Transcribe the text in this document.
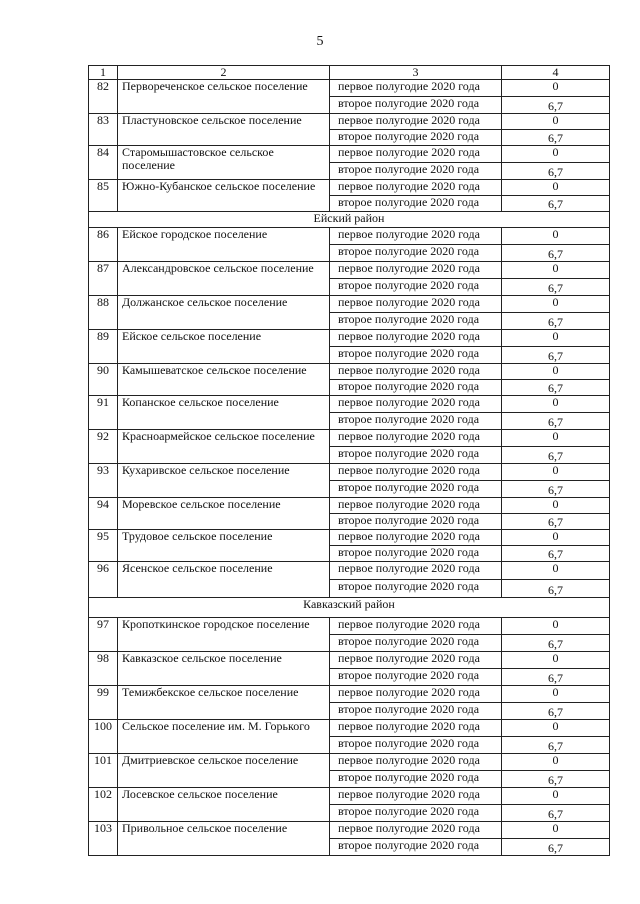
5
1	2	3	4
82	Первореченское сельское поселение	первое полугодие 2020 года	0
		второе полугодие 2020 года	6,7
83	Пластуновское сельское поселение	первое полугодие 2020 года	0
		второе полугодие 2020 года	6,7
84	Старомышастовское сельское поселение	первое полугодие 2020 года	0
		второе полугодие 2020 года	6,7
85	Южно-Кубанское сельское поселение	первое полугодие 2020 года	0
		второе полугодие 2020 года	6,7
Ейский район			
86	Ейское городское поселение	первое полугодие 2020 года	0
		второе полугодие 2020 года	6,7
87	Александровское сельское поселение	первое полугодие 2020 года	0
		второе полугодие 2020 года	6,7
88	Должанское сельское поселение	первое полугодие 2020 года	0
		второе полугодие 2020 года	6,7
89	Ейское сельское поселение	первое полугодие 2020 года	0
		второе полугодие 2020 года	6,7
90	Камышеватское сельское поселение	первое полугодие 2020 года	0
		второе полугодие 2020 года	6,7
91	Копанское сельское поселение	первое полугодие 2020 года	0
		второе полугодие 2020 года	6,7
92	Красноармейское сельское поселение	первое полугодие 2020 года	0
		второе полугодие 2020 года	6,7
93	Кухаривское сельское поселение	первое полугодие 2020 года	0
		второе полугодие 2020 года	6,7
94	Моревское сельское поселение	первое полугодие 2020 года	0
		второе полугодие 2020 года	6,7
95	Трудовое сельское поселение	первое полугодие 2020 года	0
		второе полугодие 2020 года	6,7
96	Ясенское сельское поселение	первое полугодие 2020 года	0
		второе полугодие 2020 года	6,7
Кавказский район			
97	Кропоткинское городское поселение	первое полугодие 2020 года	0
		второе полугодие 2020 года	6,7
98	Кавказское сельское поселение	первое полугодие 2020 года	0
		второе полугодие 2020 года	6,7
99	Темижбекское сельское поселение	первое полугодие 2020 года	0
		второе полугодие 2020 года	6,7
100	Сельское поселение им. М. Горького	первое полугодие 2020 года	0
		второе полугодие 2020 года	6,7
101	Дмитриевское сельское поселение	первое полугодие 2020 года	0
		второе полугодие 2020 года	6,7
102	Лосевское сельское поселение	первое полугодие 2020 года	0
		второе полугодие 2020 года	6,7
103	Привольное сельское поселение	первое полугодие 2020 года	0
		второе полугодие 2020 года	6,7
